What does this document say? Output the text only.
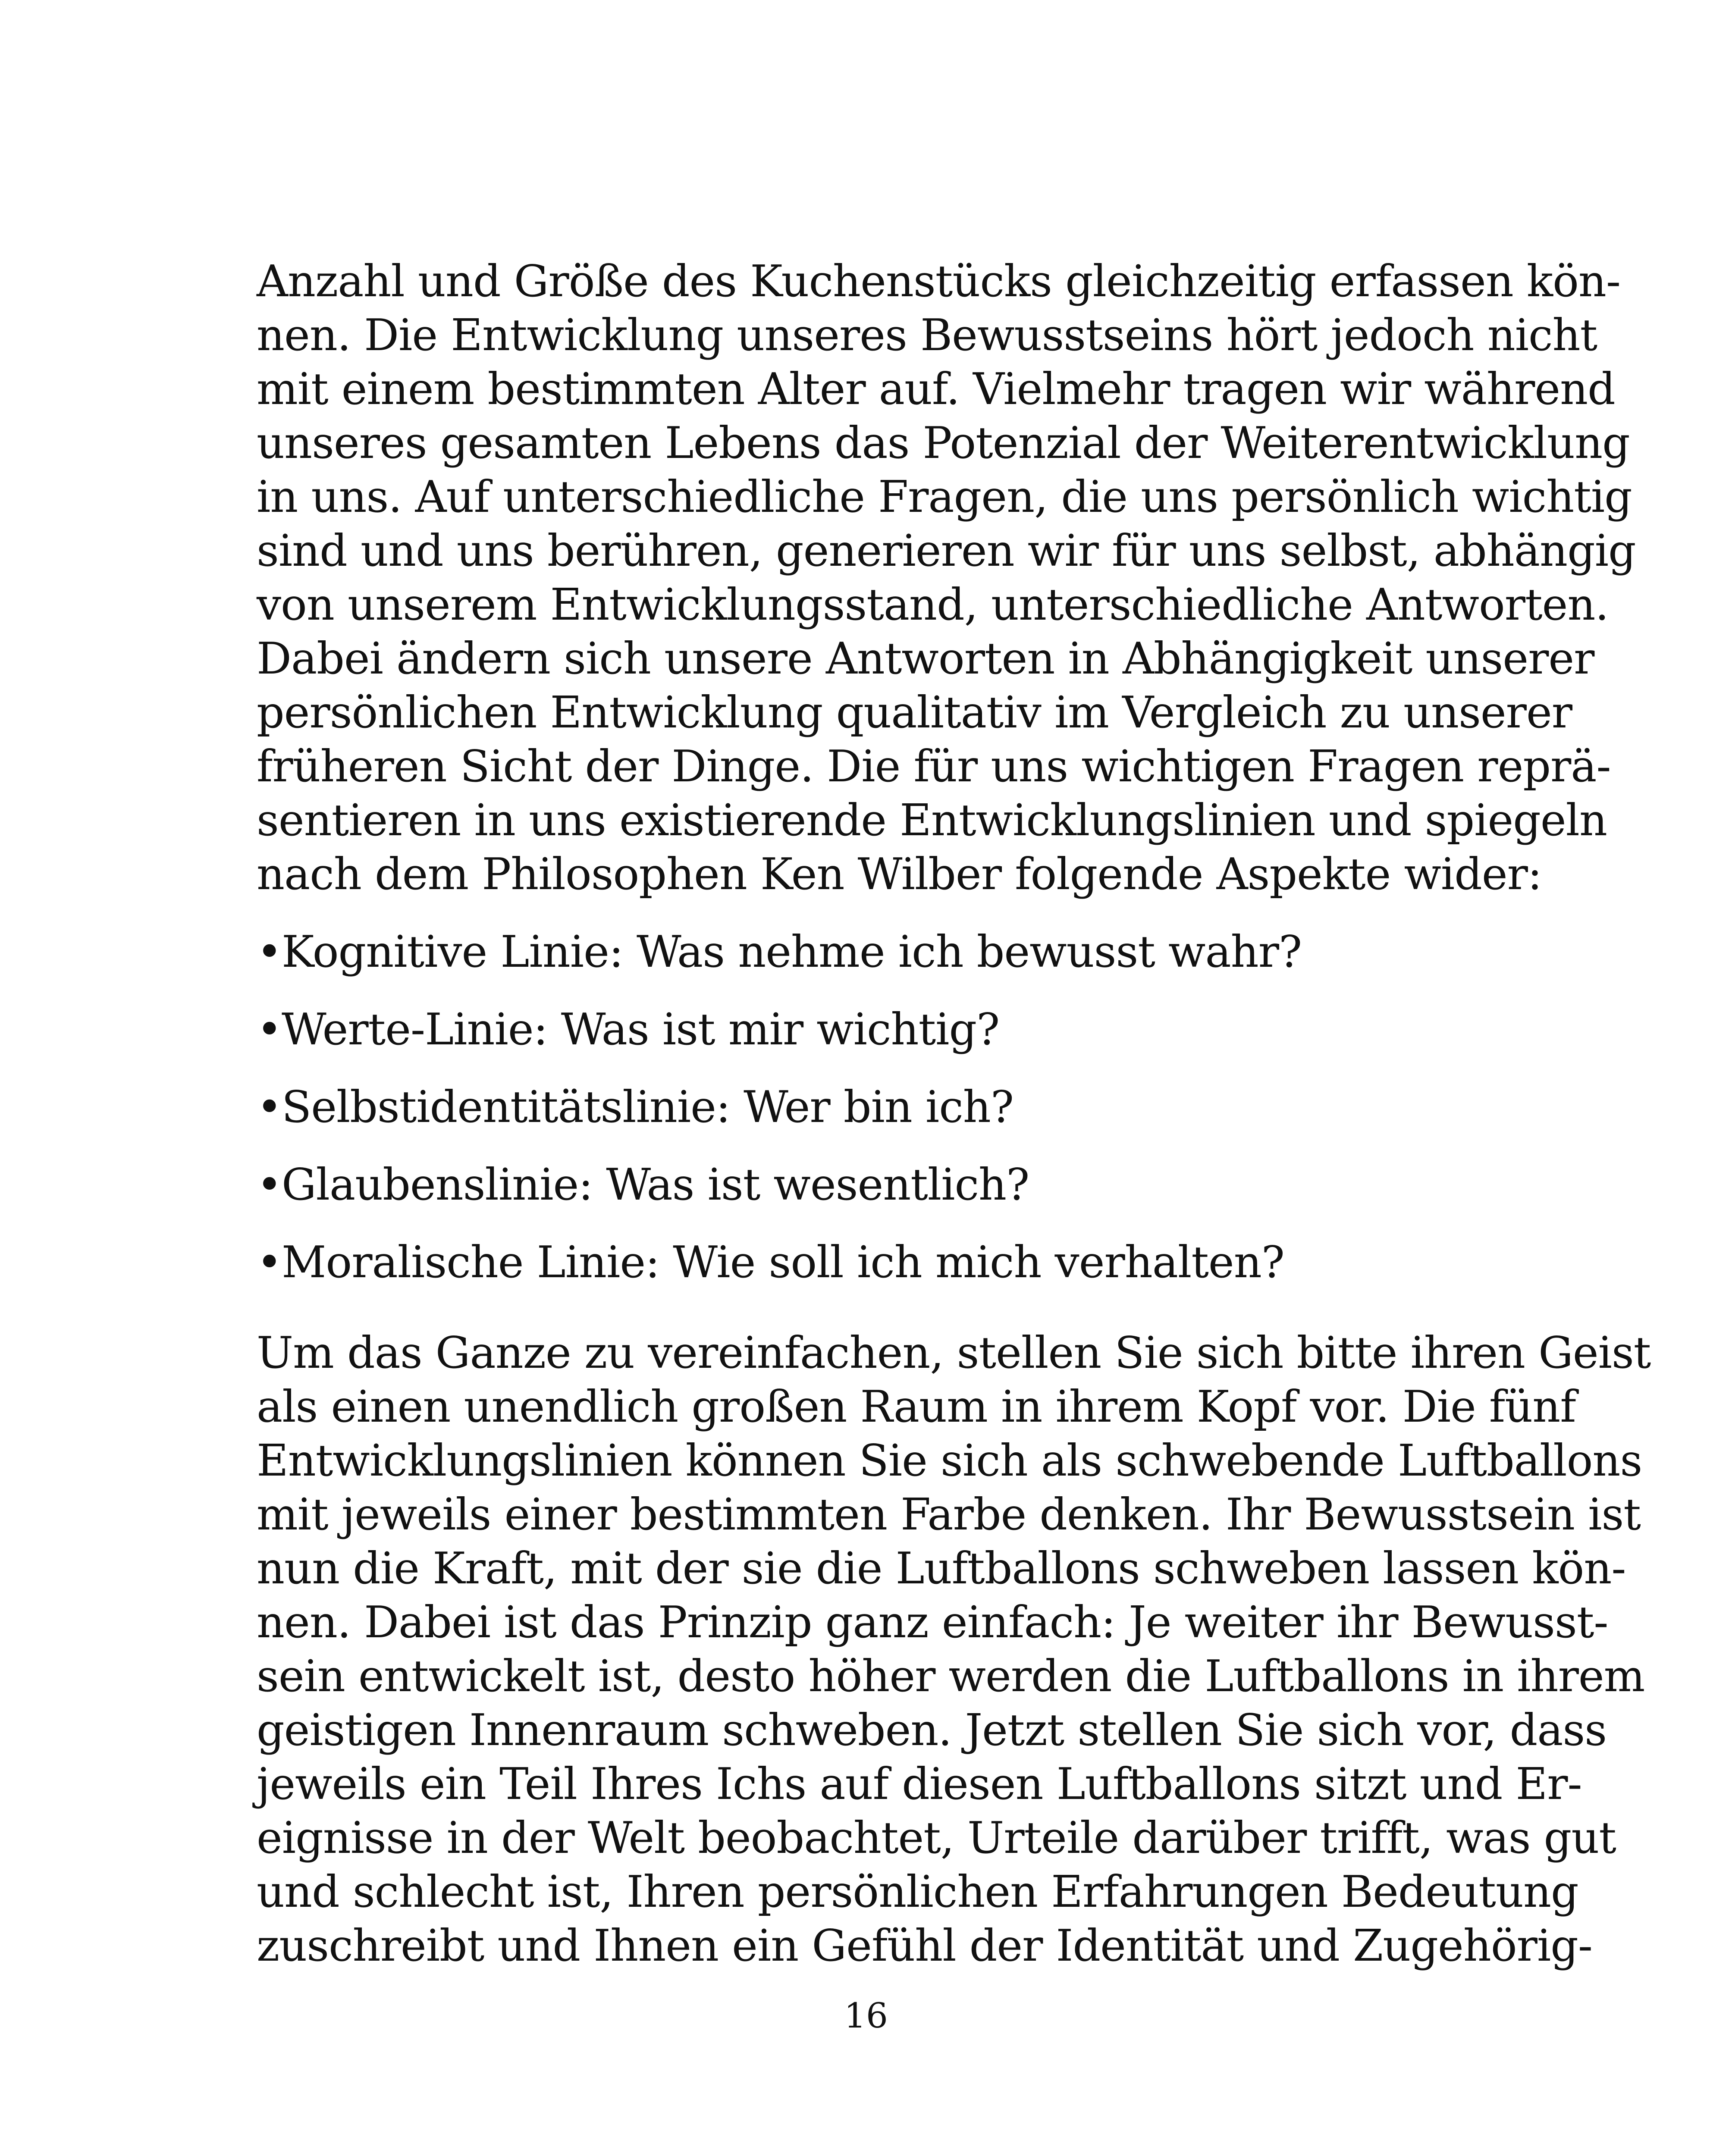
Anzahl und Größe des Kuchenstücks gleichzeitig erfassen kön-
nen. Die Entwicklung unseres Bewusstseins hört jedoch nicht
mit einem bestimmten Alter auf. Vielmehr tragen wir während
unseres gesamten Lebens das Potenzial der Weiterentwicklung
in uns. Auf unterschiedliche Fragen, die uns persönlich wichtig
sind und uns berühren, generieren wir für uns selbst, abhängig
von unserem Entwicklungsstand, unterschiedliche Antworten.
Dabei ändern sich unsere Antworten in Abhängigkeit unserer
persönlichen Entwicklung qualitativ im Vergleich zu unserer
früheren Sicht der Dinge. Die für uns wichtigen Fragen reprä-
sentieren in uns existierende Entwicklungslinien und spiegeln
nach dem Philosophen Ken Wilber folgende Aspekte wider:
•Kognitive Linie: Was nehme ich bewusst wahr?
•Werte-Linie: Was ist mir wichtig?
•Selbstidentitätslinie: Wer bin ich?
•Glaubenslinie: Was ist wesentlich?
•Moralische Linie: Wie soll ich mich verhalten?
Um das Ganze zu vereinfachen, stellen Sie sich bitte ihren Geist
als einen unendlich großen Raum in ihrem Kopf vor. Die fünf
Entwicklungslinien können Sie sich als schwebende Luftballons
mit jeweils einer bestimmten Farbe denken. Ihr Bewusstsein ist
nun die Kraft, mit der sie die Luftballons schweben lassen kön-
nen. Dabei ist das Prinzip ganz einfach: Je weiter ihr Bewusst-
sein entwickelt ist, desto höher werden die Luftballons in ihrem
geistigen Innenraum schweben. Jetzt stellen Sie sich vor, dass
jeweils ein Teil Ihres Ichs auf diesen Luftballons sitzt und Er-
eignisse in der Welt beobachtet, Urteile darüber trifft, was gut
und schlecht ist, Ihren persönlichen Erfahrungen Bedeutung
zuschreibt und Ihnen ein Gefühl der Identität und Zugehörig-
16
